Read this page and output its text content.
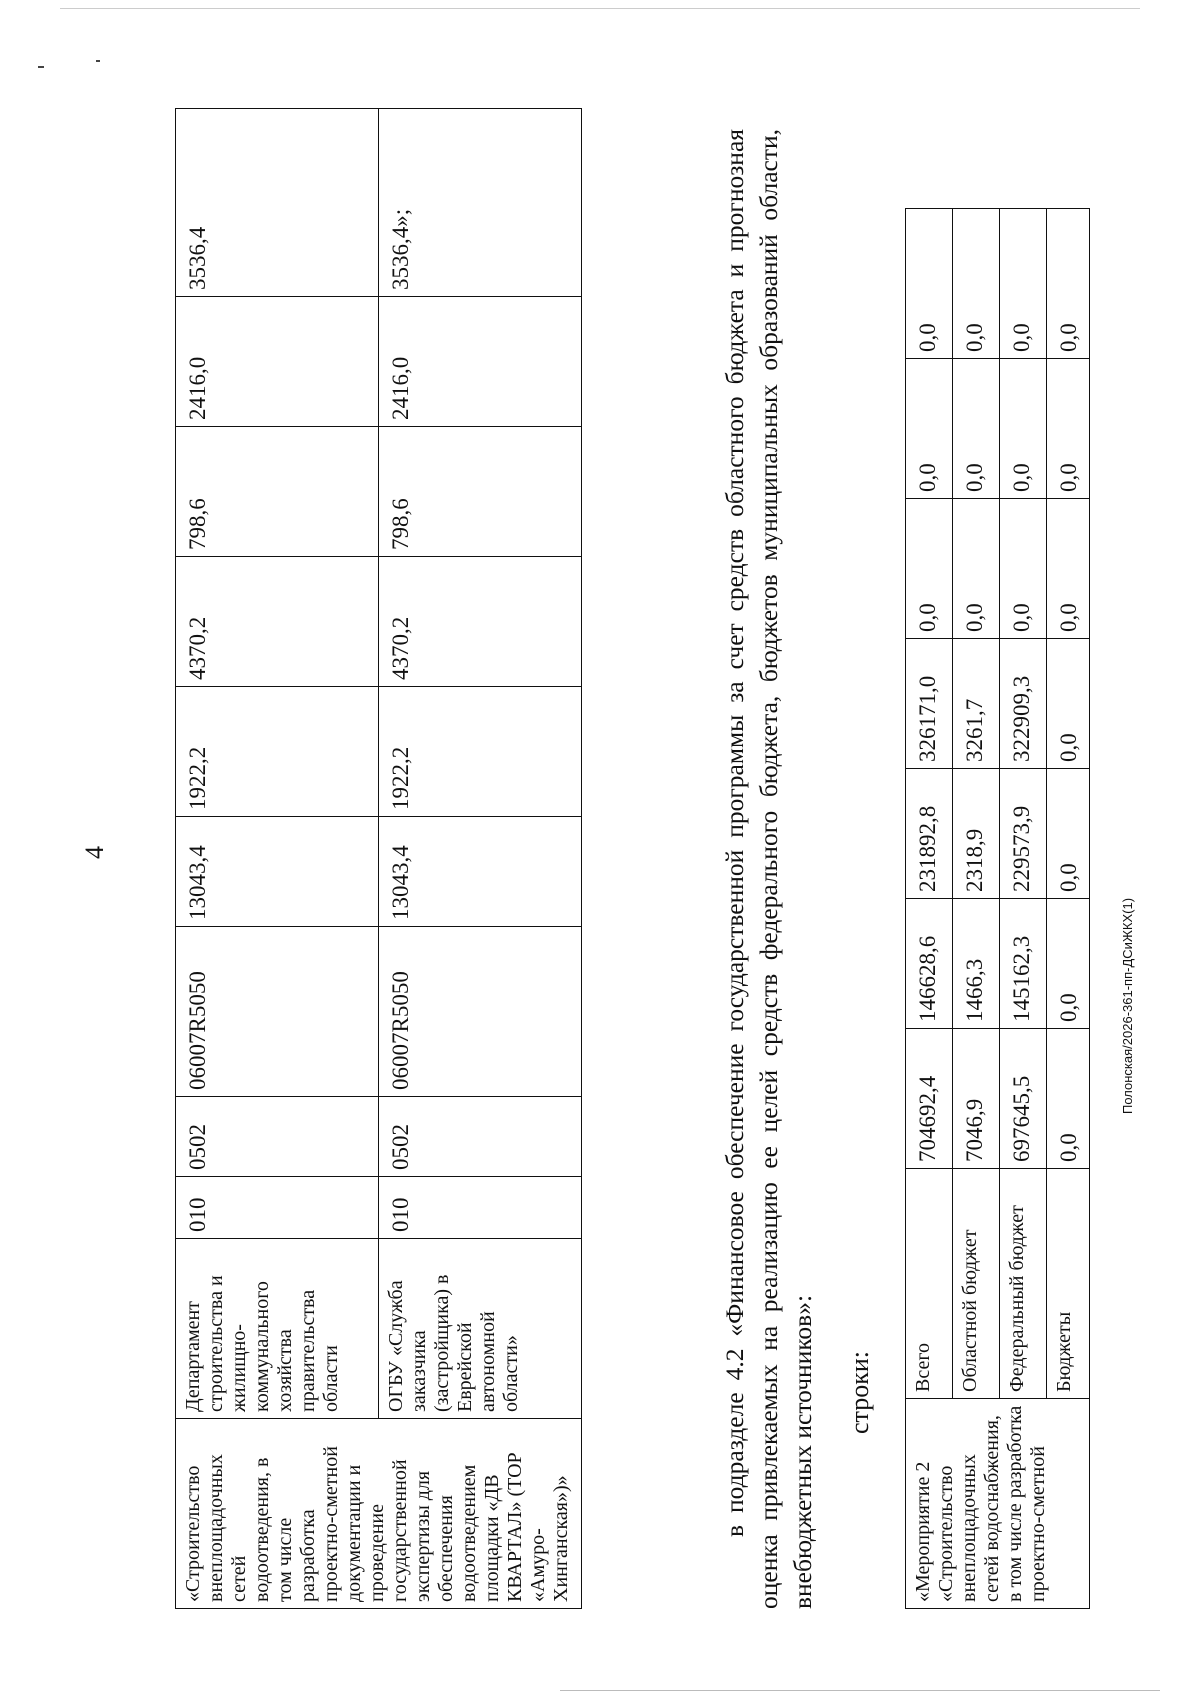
4
«Строительство внеплощадочных сетей водоотведения, в том числе разработка проектно-сметной документации и проведение государственной экспертизы для обеспечения водоотведением площадки «ДВ КВАРТАЛ» (ТОР «Амуро-Хинганская»)»	Департамент строительства и жилищно-коммунального хозяйства правительства области	010	0502	06007R5050	13043,4	1922,2	4370,2	798,6	2416,0	3536,4
	ОГБУ «Служба заказчика (застройщика) в Еврейской автономной области»	010	0502	06007R5050	13043,4	1922,2	4370,2	798,6	2416,0	3536,4»;	в подразделе 4.2 «Финансовое обеспечение государственной программы за счет средств областного бюджета и прогнозная оценка привлекаемых на реализацию ее целей средств федерального бюджета, бюджетов муниципальных образований области, внебюджетных источников»: строки:
«Мероприятие 2 «Строительство внеплощадочных сетей водоснабжения, в том числе разработка проектно-сметной	Всего	704692,4	146628,6	231892,8	326171,0	0,0	0,0	0,0
	Областной бюджет	7046,9	1466,3	2318,9	3261,7	0,0	0,0	0,0
	Федеральный бюджет	697645,5	145162,3	229573,9	322909,3	0,0	0,0	0,0
	Бюджеты	0,0	0,0	0,0	0,0	0,0	0,0	0,0
Полонская/2026-361-пп-ДСиЖКХ(1)
